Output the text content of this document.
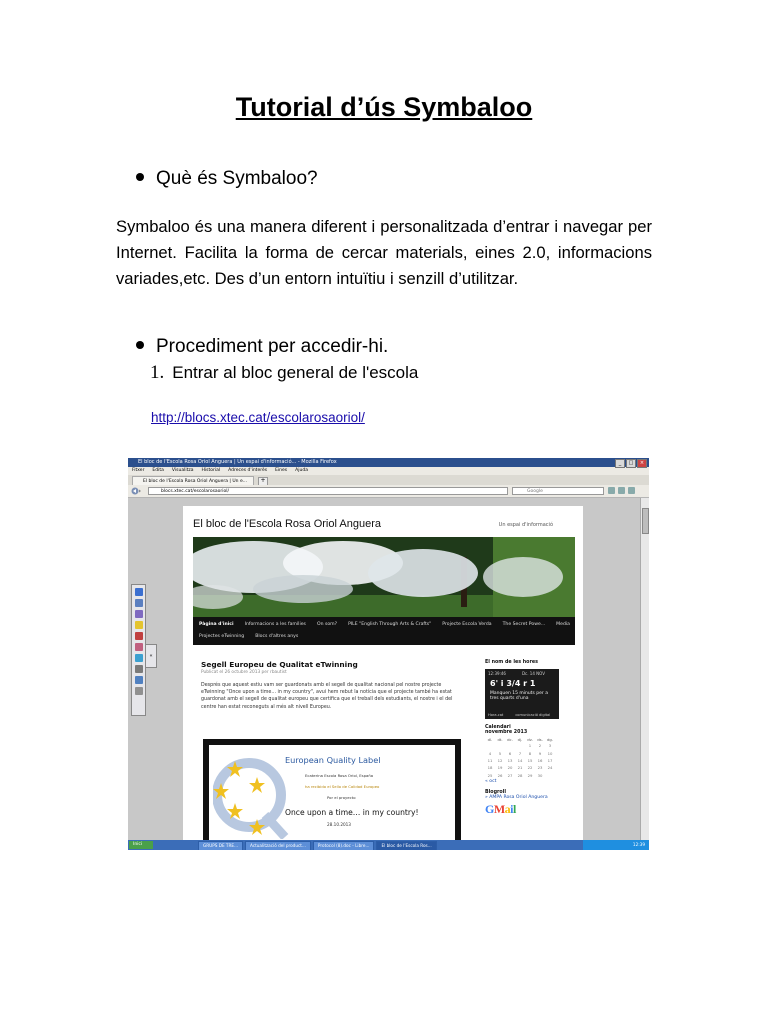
Tutorial d’ús Symbaloo
Què és Symbaloo?
Symbaloo és una manera diferent i personalitzada d’entrar i navegar per Internet. Facilita la forma de cercar materials, eines 2.0, informacions variades,etc. Des d’un entorn intuïtiu i senzill d’utilitzar.
Procediment per accedir-hi.
1. Entrar al bloc general de l'escola
http://blocs.xtec.cat/escolarosaoriol/
El bloc de l'Escola Rosa Oriol Anguera | Un espai d'informació... - Mozilla Firefox	_	□	×
Fitxer Edita Visualitza Historial Adreces d'interès Eines Ajuda
El bloc de l'Escola Rosa Oriol Anguera | Un e...	+
blocs.xtec.cat/escolarosaoriol/	Google
«
El bloc de l'Escola Rosa Oriol Anguera	Un espai d'informació
Pàgina d'inici Informacions a les famílies On som? PILE "English Through Arts & Crafts" Projecte Escola Verda The Secret Powe... Media
Projectes eTwinning Blocs d'altres anys
Segell Europeu de Qualitat eTwinning
Publicat el 26 octubre 2013 per rbautist
Després que aquest estiu vam ser guardonats amb el segell de qualitat nacional pel nostre projecte eTwinning "Once upon a time... in my country", avui hem rebut la notícia que el projecte també ha estat guardonat amb el segell de qualitat europeu que certifica que el treball dels estudiants, el nostre i el del centre han estat reconeguts al més alt nivell Europeu.
European Quality Label
Ecaterina Escola Rosa Oriol, España
ha recibido el Sello de Calidad Europeo
Por el proyecto
Once upon a time… in my country!
28.10.2013
El nom de les hores
12:39:46	Dc. 14 NOV
6' i 3/4 r 1
Manquen 15 minuts per a tres quarts d'una
Hora.cat	comunicació digital
Calendari
novembre 2013
dl.	dt.	dc.	dj.	dv.	ds.	dg.
				1	2	3
4	5	6	7	8	9	10
11	12	13	14	15	16	17
18	19	20	21	22	23	24
25	26	27	28	29	30	
« oct
Blogroll
» AMPA Rosa Oriol Anguera
GMail
Inici	GRUPS DE TRE...	Actualització del product...	Protocol (8).doc - Libre...	El bloc de l'Escola Ros...	12:39
